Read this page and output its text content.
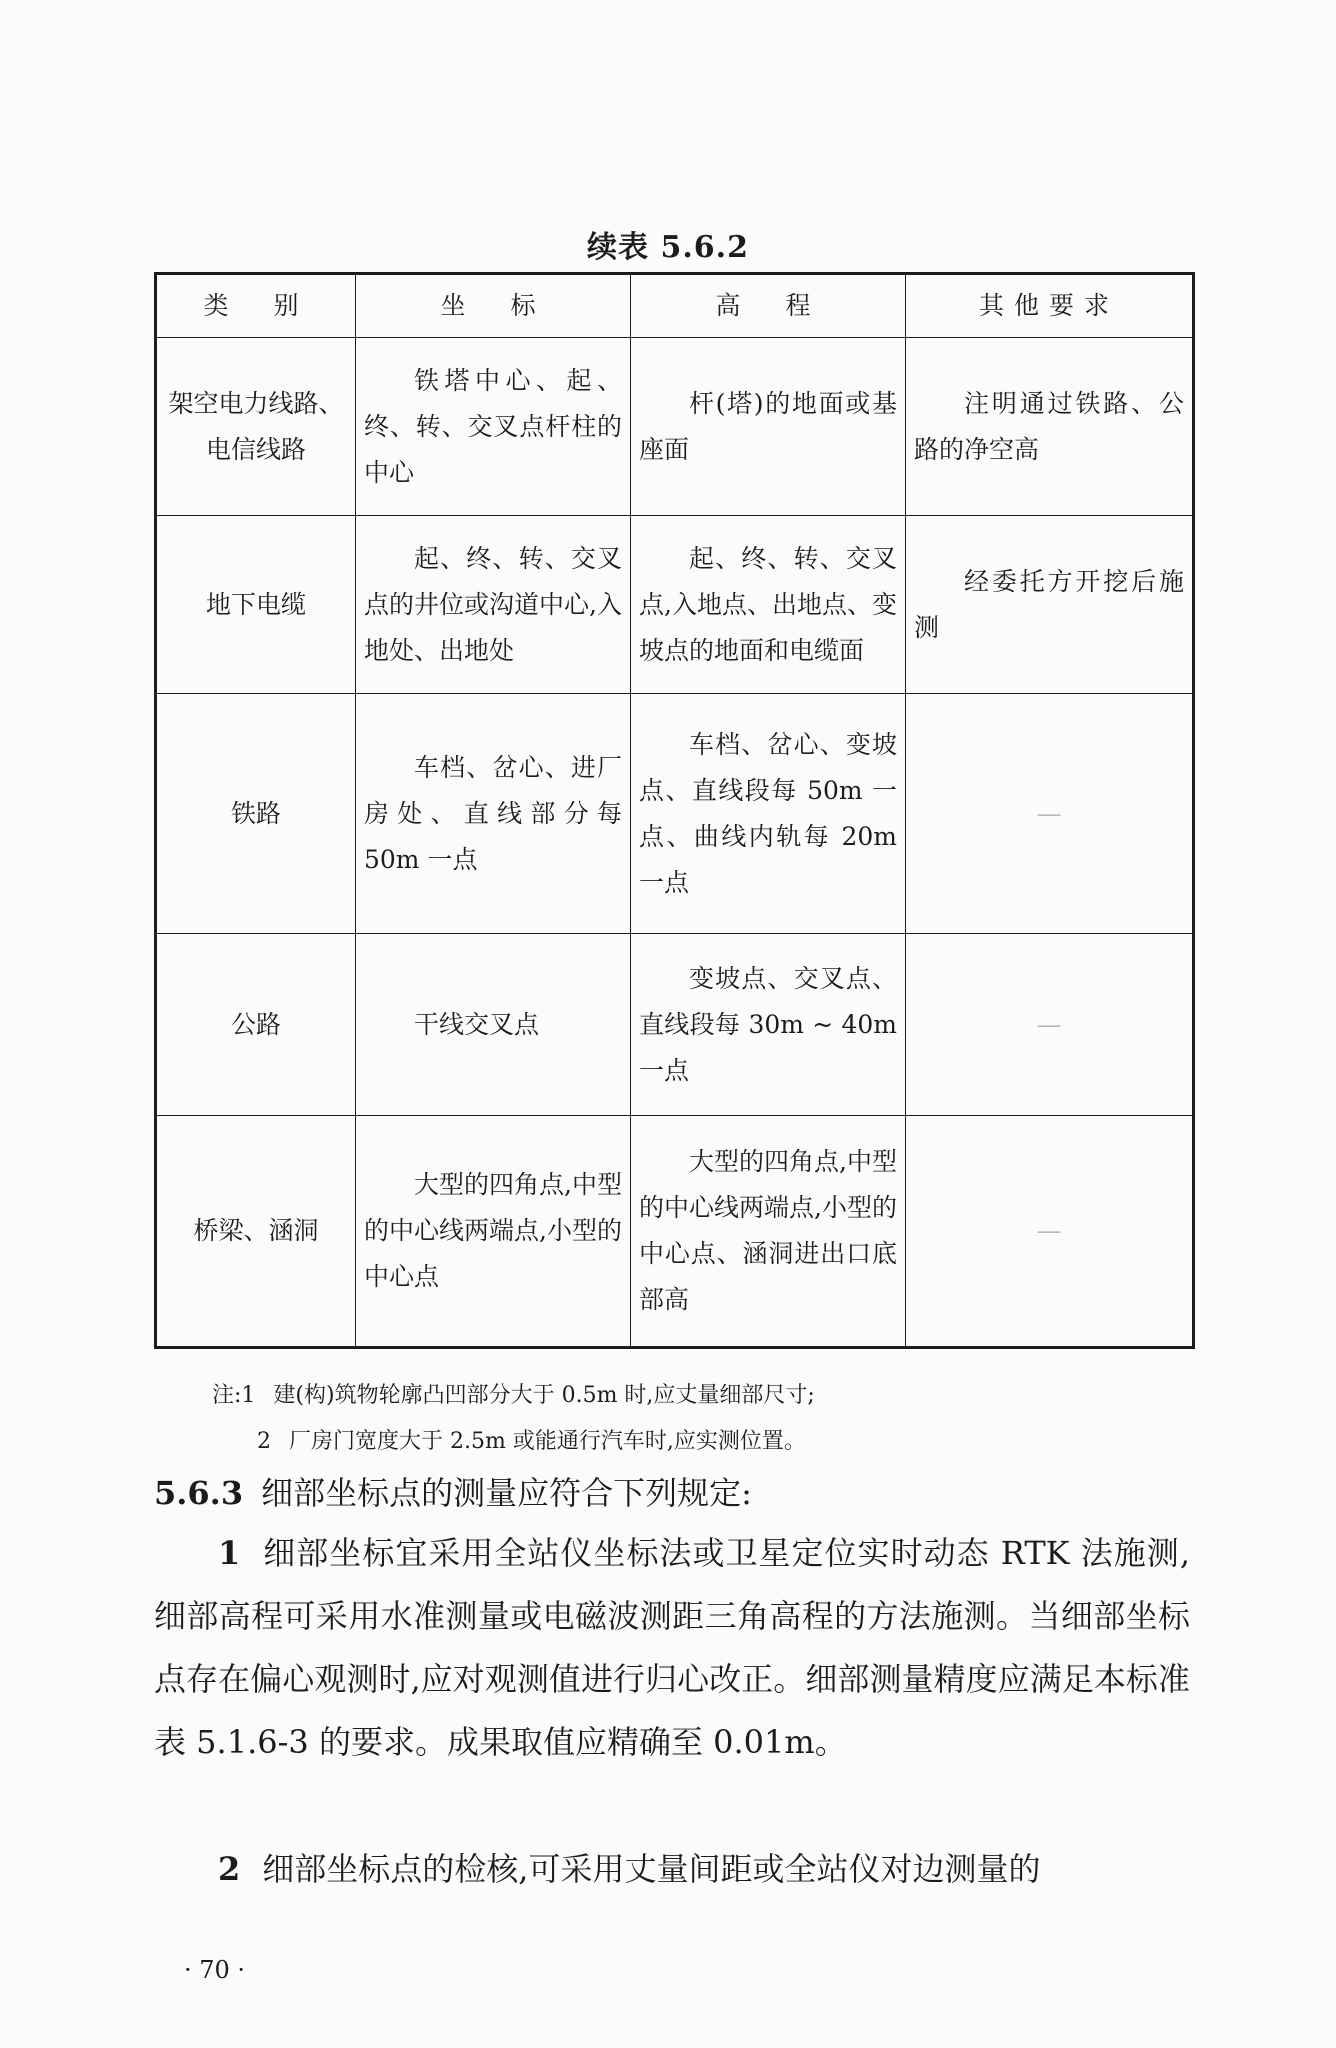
续表 5.6.2
类　别	坐　标	高　程	其他要求
架空电力线路、电信线路	铁塔中心、起、终、转、交叉点杆柱的中心	杆(塔)的地面或基座面	注明通过铁路、公路的净空高
地下电缆	起、终、转、交叉点的井位或沟道中心,入地处、出地处	起、终、转、交叉点,入地点、出地点、变坡点的地面和电缆面	经委托方开挖后施测
铁路	车档、岔心、进厂房处、直线部分每 50m 一点	车档、岔心、变坡点、直线段每 50m 一点、曲线内轨每 20m 一点	—
公路	干线交叉点	变坡点、交叉点、直线段每 30m ~ 40m 一点	—
桥梁、涵洞	大型的四角点,中型的中心线两端点,小型的中心点	大型的四角点,中型的中心线两端点,小型的中心点、涵洞进出口底部高	—
注:1 建(构)筑物轮廓凸凹部分大于 0.5m 时,应丈量细部尺寸;
2 厂房门宽度大于 2.5m 或能通行汽车时,应实测位置。
5.6.3 细部坐标点的测量应符合下列规定:
1 细部坐标宜采用全站仪坐标法或卫星定位实时动态 RTK 法施测,细部高程可采用水准测量或电磁波测距三角高程的方法施测。当细部坐标点存在偏心观测时,应对观测值进行归心改正。细部测量精度应满足本标准表 5.1.6-3 的要求。成果取值应精确至 0.01m。
2 细部坐标点的检核,可采用丈量间距或全站仪对边测量的
· 70 ·
